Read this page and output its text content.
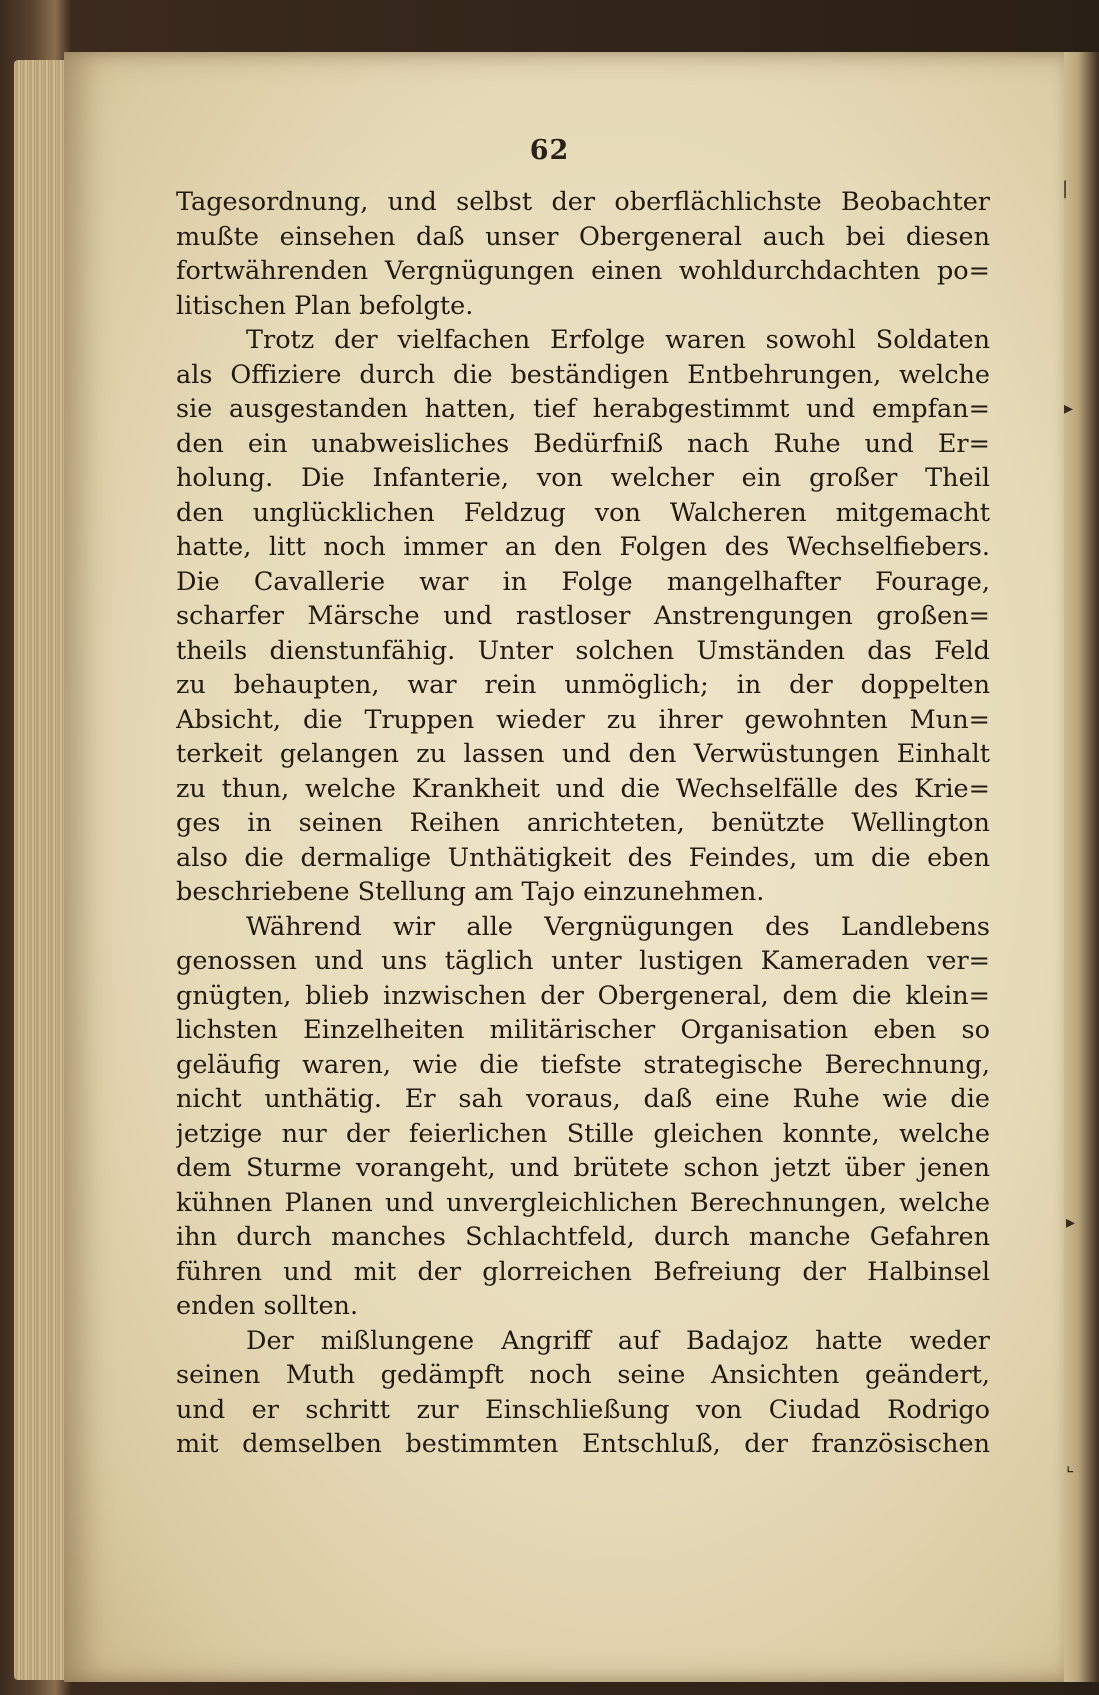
62
Tagesordnung, und selbst der oberflächlichste Beobachter
mußte einsehen daß unser Obergeneral auch bei diesen
fortwährenden Vergnügungen einen wohldurchdachten po=
litischen Plan befolgte.
Trotz der vielfachen Erfolge waren sowohl Soldaten
als Offiziere durch die beständigen Entbehrungen, welche
sie ausgestanden hatten, tief herabgestimmt und empfan=
den ein unabweisliches Bedürfniß nach Ruhe und Er=
holung. Die Infanterie, von welcher ein großer Theil
den unglücklichen Feldzug von Walcheren mitgemacht
hatte, litt noch immer an den Folgen des Wechselfiebers.
Die Cavallerie war in Folge mangelhafter Fourage,
scharfer Märsche und rastloser Anstrengungen großen=
theils dienstunfähig. Unter solchen Umständen das Feld
zu behaupten, war rein unmöglich; in der doppelten
Absicht, die Truppen wieder zu ihrer gewohnten Mun=
terkeit gelangen zu lassen und den Verwüstungen Einhalt
zu thun, welche Krankheit und die Wechselfälle des Krie=
ges in seinen Reihen anrichteten, benützte Wellington
also die dermalige Unthätigkeit des Feindes, um die eben
beschriebene Stellung am Tajo einzunehmen.
Während wir alle Vergnügungen des Landlebens
genossen und uns täglich unter lustigen Kameraden ver=
gnügten, blieb inzwischen der Obergeneral, dem die klein=
lichsten Einzelheiten militärischer Organisation eben so
geläufig waren, wie die tiefste strategische Berechnung,
nicht unthätig. Er sah voraus, daß eine Ruhe wie die
jetzige nur der feierlichen Stille gleichen konnte, welche
dem Sturme vorangeht, und brütete schon jetzt über jenen
kühnen Planen und unvergleichlichen Berechnungen, welche
ihn durch manches Schlachtfeld, durch manche Gefahren
führen und mit der glorreichen Befreiung der Halbinsel
enden sollten.
Der mißlungene Angriff auf Badajoz hatte weder
seinen Muth gedämpft noch seine Ansichten geändert,
und er schritt zur Einschließung von Ciudad Rodrigo
mit demselben bestimmten Entschluß, der französischen
|
▸
▸
⌞
